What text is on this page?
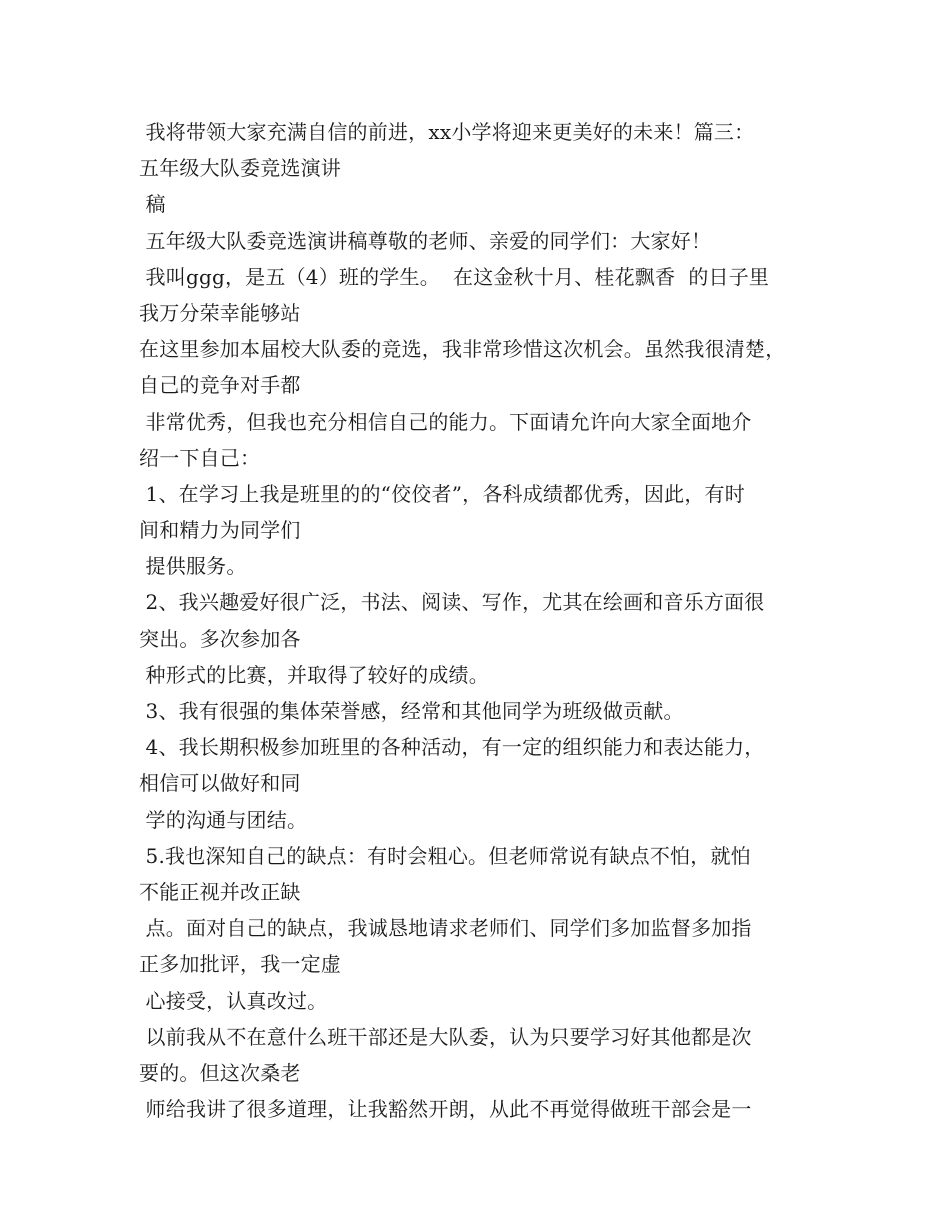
我将带领大家充满自信的前进，xx小学将迎来更美好的未来！篇三：
五年级大队委竞选演讲
稿
五年级大队委竞选演讲稿尊敬的老师、亲爱的同学们：大家好！
我叫ggg，是五（4）班的学生。  在这金秋十月、桂花飘香  的日子里
我万分荣幸能够站
在这里参加本届校大队委的竞选，我非常珍惜这次机会。虽然我很清楚，
自己的竞争对手都
非常优秀，但我也充分相信自己的能力。下面请允许向大家全面地介
绍一下自己：
1、在学习上我是班里的的“佼佼者”，各科成绩都优秀，因此，有时
间和精力为同学们
提供服务。
2、我兴趣爱好很广泛，书法、阅读、写作，尤其在绘画和音乐方面很
突出。多次参加各
种形式的比赛，并取得了较好的成绩。
3、我有很强的集体荣誉感，经常和其他同学为班级做贡献。
4、我长期积极参加班里的各种活动，有一定的组织能力和表达能力，
相信可以做好和同
学的沟通与团结。
5.我也深知自己的缺点：有时会粗心。但老师常说有缺点不怕，就怕
不能正视并改正缺
点。面对自己的缺点，我诚恳地请求老师们、同学们多加监督多加指
正多加批评，我一定虚
心接受，认真改过。
以前我从不在意什么班干部还是大队委，认为只要学习好其他都是次
要的。但这次桑老
师给我讲了很多道理，让我豁然开朗，从此不再觉得做班干部会是一
